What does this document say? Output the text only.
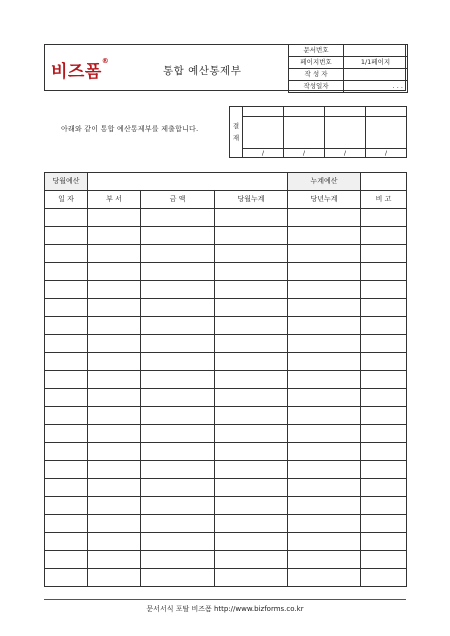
비즈폼®
통합 예산통제부
문서번호	
페이지번호	1/1페이지
작 성 자	
작성일자	. . .
아래와 같이 통합 예산통제부를 제출합니다.	결
재				

	/	/	/	/
당월예산				누계예산	
일 자	부 서	금 액	당월누계	당년누계	비 고

문서서식 포탈 비즈폼 http://www.bizforms.co.kr
